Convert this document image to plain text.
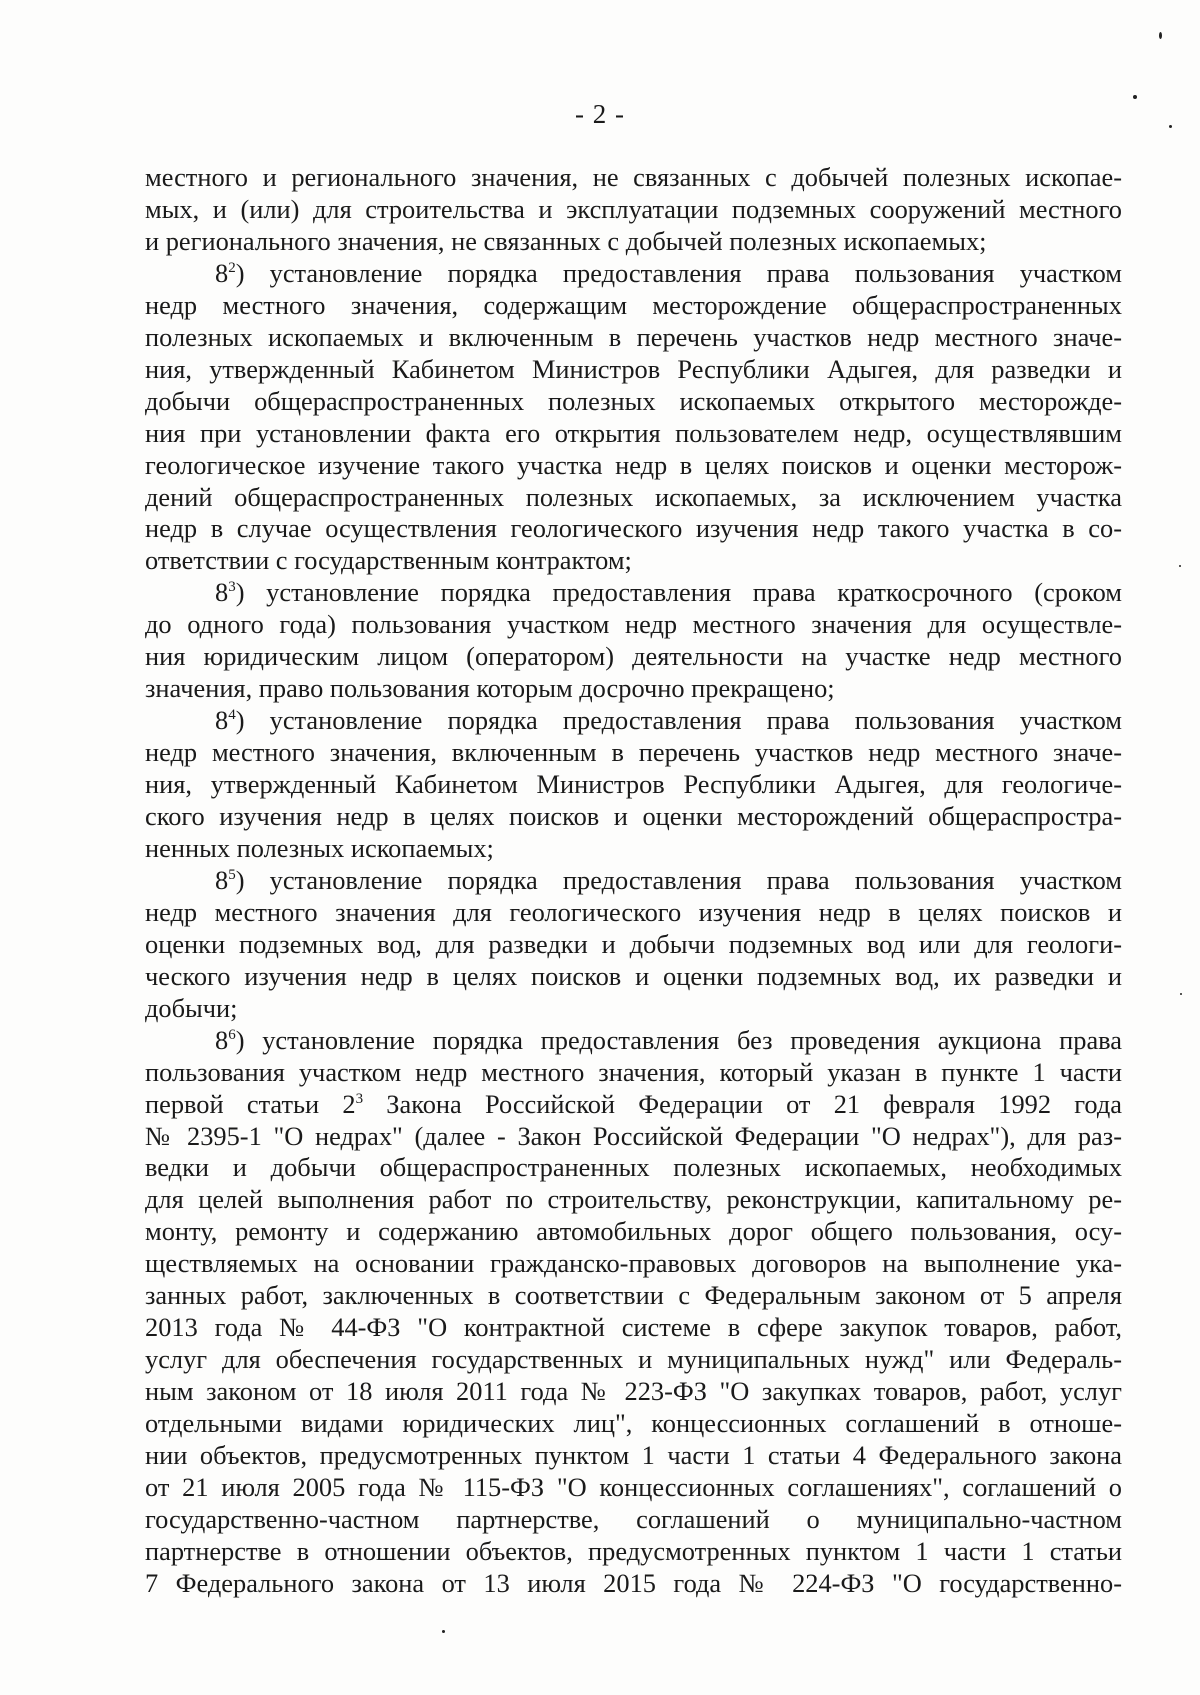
- 2 -
местного и регионального значения, не связанных с добычей полезных ископае-
мых, и (или) для строительства и эксплуатации подземных сооружений местного
и регионального значения, не связанных с добычей полезных ископаемых;
$8^2$) установление порядка предоставления права пользования участком
недр местного значения, содержащим месторождение общераспространенных
полезных ископаемых и включенным в перечень участков недр местного значе-
ния, утвержденный Кабинетом Министров Республики Адыгея, для разведки и
добычи общераспространенных полезных ископаемых открытого месторожде-
ния при установлении факта его открытия пользователем недр, осуществлявшим
геологическое изучение такого участка недр в целях поисков и оценки месторож-
дений общераспространенных полезных ископаемых, за исключением участка
недр в случае осуществления геологического изучения недр такого участка в со-
ответствии с государственным контрактом;
$8^3$) установление порядка предоставления права краткосрочного (сроком
до одного года) пользования участком недр местного значения для осуществле-
ния юридическим лицом (оператором) деятельности на участке недр местного
значения, право пользования которым досрочно прекращено;
$8^4$) установление порядка предоставления права пользования участком
недр местного значения, включенным в перечень участков недр местного значе-
ния, утвержденный Кабинетом Министров Республики Адыгея, для геологиче-
ского изучения недр в целях поисков и оценки месторождений общераспростра-
ненных полезных ископаемых;
$8^5$) установление порядка предоставления права пользования участком
недр местного значения для геологического изучения недр в целях поисков и
оценки подземных вод, для разведки и добычи подземных вод или для геологи-
ческого изучения недр в целях поисков и оценки подземных вод, их разведки и
добычи;
$8^6$) установление порядка предоставления без проведения аукциона права
пользования участком недр местного значения, который указан в пункте 1 части
первой статьи $2^3$ Закона Российской Федерации от 21 февраля 1992 года
№ 2395-1 "О недрах" (далее - Закон Российской Федерации "О недрах"), для раз-
ведки и добычи общераспространенных полезных ископаемых, необходимых
для целей выполнения работ по строительству, реконструкции, капитальному ре-
монту, ремонту и содержанию автомобильных дорог общего пользования, осу-
ществляемых на основании гражданско-правовых договоров на выполнение ука-
занных работ, заключенных в соответствии с Федеральным законом от 5 апреля
2013 года № 44-ФЗ "О контрактной системе в сфере закупок товаров, работ,
услуг для обеспечения государственных и муниципальных нужд" или Федераль-
ным законом от 18 июля 2011 года № 223-ФЗ "О закупках товаров, работ, услуг
отдельными видами юридических лиц", концессионных соглашений в отноше-
нии объектов, предусмотренных пунктом 1 части 1 статьи 4 Федерального закона
от 21 июля 2005 года № 115-ФЗ "О концессионных соглашениях", соглашений о
государственно-частном партнерстве, соглашений о муниципально-частном
партнерстве в отношении объектов, предусмотренных пунктом 1 части 1 статьи
7 Федерального закона от 13 июля 2015 года № 224-ФЗ "О государственно-
